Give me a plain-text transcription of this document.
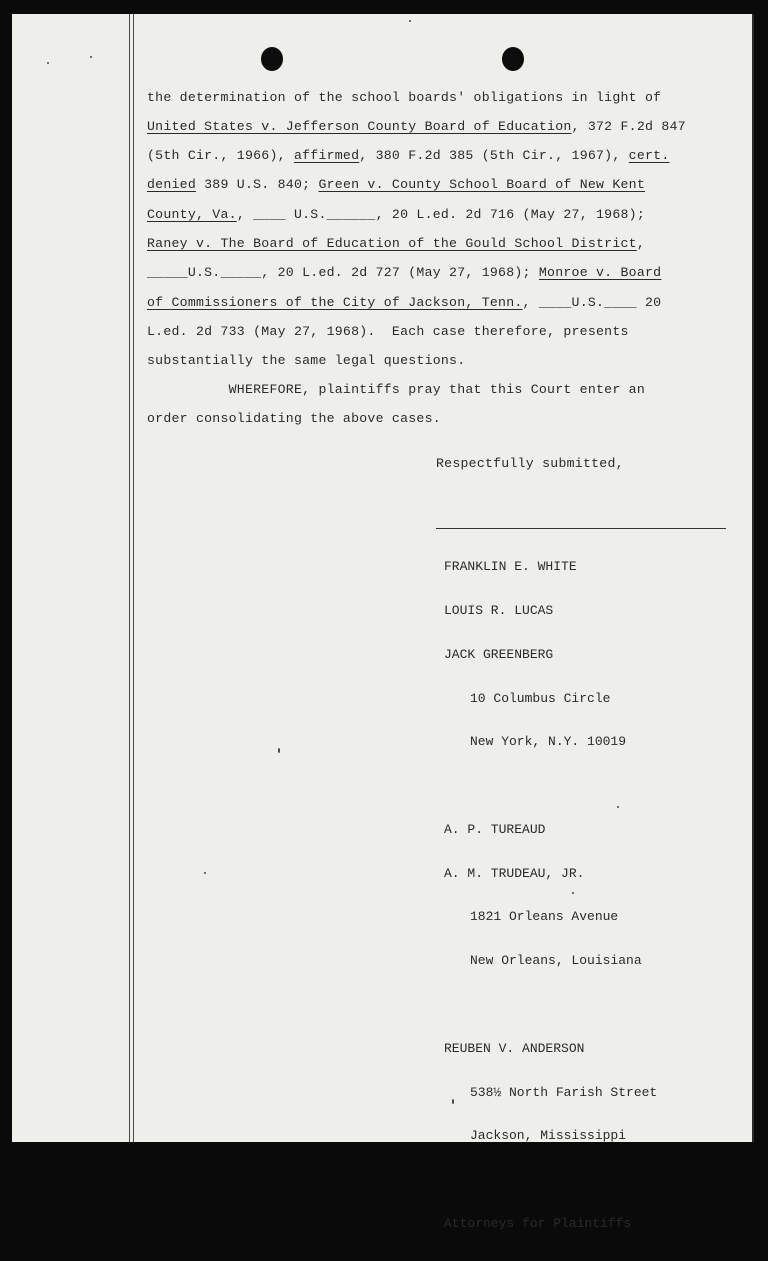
the determination of the school boards' obligations in light of
United States v. Jefferson County Board of Education, 372 F.2d 847
(5th Cir., 1966), affirmed, 380 F.2d 385 (5th Cir., 1967), cert.
denied 389 U.S. 840; Green v. County School Board of New Kent
County, Va., ____ U.S.______, 20 L.ed. 2d 716 (May 27, 1968);
Raney v. The Board of Education of the Gould School District,
_____U.S._____, 20 L.ed. 2d 727 (May 27, 1968); Monroe v. Board
of Commissioners of the City of Jackson, Tenn., ____U.S.____ 20
L.ed. 2d 733 (May 27, 1968).  Each case therefore, presents
substantially the same legal questions.
WHEREFORE, plaintiffs pray that this Court enter an
order consolidating the above cases.
Respectfully submitted,

FRANKLIN E. WHITE

LOUIS R. LUCAS

JACK GREENBERG

10 Columbus Circle

New York, N.Y. 10019

A. P. TUREAUD

A. M. TRUDEAU, JR.

1821 Orleans Avenue

New Orleans, Louisiana

REUBEN V. ANDERSON

538½ North Farish Street

Jackson, Mississippi

Attorneys for Plaintiffs
